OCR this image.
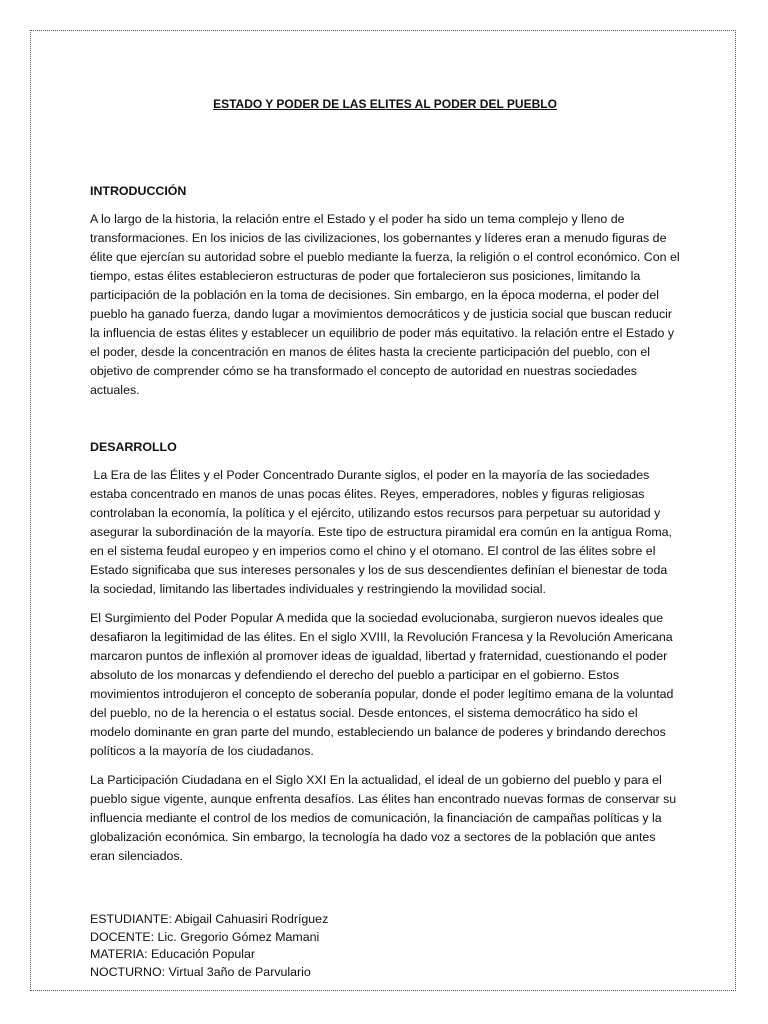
ESTADO Y PODER DE LAS ELITES AL PODER DEL PUEBLO
INTRODUCCIÓN

A lo largo de la historia, la relación entre el Estado y el poder ha sido un tema complejo y lleno de transformaciones. En los inicios de las civilizaciones, los gobernantes y líderes eran a menudo figuras de élite que ejercían su autoridad sobre el pueblo mediante la fuerza, la religión o el control económico. Con el tiempo, estas élites establecieron estructuras de poder que fortalecieron sus posiciones, limitando la participación de la población en la toma de decisiones. Sin embargo, en la época moderna, el poder del pueblo ha ganado fuerza, dando lugar a movimientos democráticos y de justicia social que buscan reducir la influencia de estas élites y establecer un equilibrio de poder más equitativo. la relación entre el Estado y el poder, desde la concentración en manos de élites hasta la creciente participación del pueblo, con el objetivo de comprender cómo se ha transformado el concepto de autoridad en nuestras sociedades actuales.

DESARROLLO

La Era de las Élites y el Poder Concentrado Durante siglos, el poder en la mayoría de las sociedades estaba concentrado en manos de unas pocas élites. Reyes, emperadores, nobles y figuras religiosas controlaban la economía, la política y el ejército, utilizando estos recursos para perpetuar su autoridad y asegurar la subordinación de la mayoría. Este tipo de estructura piramidal era común en la antigua Roma, en el sistema feudal europeo y en imperios como el chino y el otomano. El control de las élites sobre el Estado significaba que sus intereses personales y los de sus descendientes definían el bienestar de toda la sociedad, limitando las libertades individuales y restringiendo la movilidad social.

El Surgimiento del Poder Popular A medida que la sociedad evolucionaba, surgieron nuevos ideales que desafiaron la legitimidad de las élites. En el siglo XVIII, la Revolución Francesa y la Revolución Americana marcaron puntos de inflexión al promover ideas de igualdad, libertad y fraternidad, cuestionando el poder absoluto de los monarcas y defendiendo el derecho del pueblo a participar en el gobierno. Estos movimientos introdujeron el concepto de soberanía popular, donde el poder legítimo emana de la voluntad del pueblo, no de la herencia o el estatus social. Desde entonces, el sistema democrático ha sido el modelo dominante en gran parte del mundo, estableciendo un balance de poderes y brindando derechos políticos a la mayoría de los ciudadanos.

La Participación Ciudadana en el Siglo XXI En la actualidad, el ideal de un gobierno del pueblo y para el pueblo sigue vigente, aunque enfrenta desafíos. Las élites han encontrado nuevas formas de conservar su influencia mediante el control de los medios de comunicación, la financiación de campañas políticas y la globalización económica. Sin embargo, la tecnología ha dado voz a sectores de la población que antes eran silenciados.

ESTUDIANTE: Abigail Cahuasiri Rodríguez
DOCENTE: Lic. Gregorio Gómez Mamani
MATERIA: Educación Popular
NOCTURNO: Virtual 3año de Parvulario
